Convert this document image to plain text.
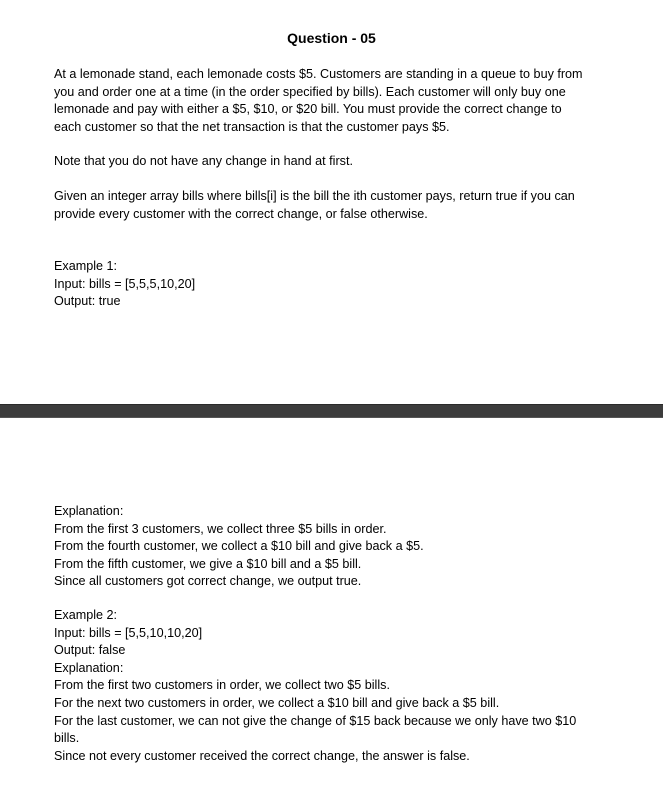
Question - 05

At a lemonade stand, each lemonade costs $5. Customers are standing in a queue to buy from
you and order one at a time (in the order specified by bills). Each customer will only buy one
lemonade and pay with either a $5, $10, or $20 bill. You must provide the correct change to
each customer so that the net transaction is that the customer pays $5.

Note that you do not have any change in hand at first.

Given an integer array bills where bills[i] is the bill the ith customer pays, return true if you can
provide every customer with the correct change, or false otherwise.

Example 1:
Input: bills = [5,5,5,10,20]
Output: true

Explanation:
From the first 3 customers, we collect three $5 bills in order.
From the fourth customer, we collect a $10 bill and give back a $5.
From the fifth customer, we give a $10 bill and a $5 bill.
Since all customers got correct change, we output true.

Example 2:
Input: bills = [5,5,10,10,20]
Output: false
Explanation:
From the first two customers in order, we collect two $5 bills.
For the next two customers in order, we collect a $10 bill and give back a $5 bill.
For the last customer, we can not give the change of $15 back because we only have two $10
bills.
Since not every customer received the correct change, the answer is false.
